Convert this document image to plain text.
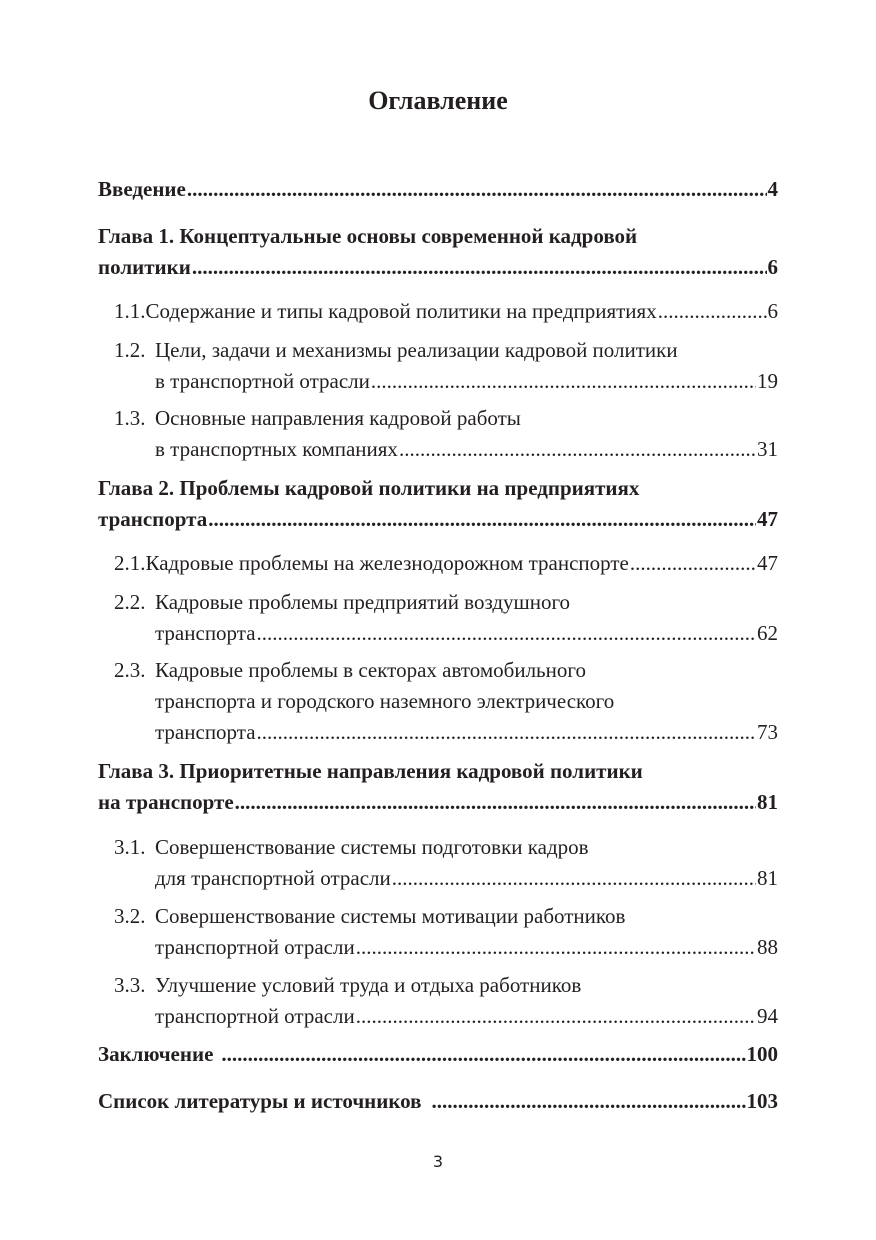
Оглавление
Введение .....	4
Глава 1. Концептуальные основы современной кадровой
политики .....	6
1.1. Содержание и типы кадровой политики на предприятиях .....	6
1.2. Цели, задачи и механизмы реализации кадровой политики
в транспортной отрасли .....	19
1.3. Основные направления кадровой работы
в транспортных компаниях .....	31
Глава 2. Проблемы кадровой политики на предприятиях
транспорта .....	47
2.1. Кадровые проблемы на железнодорожном транспорте .....	47
2.2. Кадровые проблемы предприятий воздушного
транспорта .....	62
2.3. Кадровые проблемы в секторах автомобильного
транспорта и городского наземного электрического
транспорта .....	73
Глава 3. Приоритетные направления кадровой политики
на транспорте .....	81
3.1. Совершенствование системы подготовки кадров
для транспортной отрасли .....	81
3.2. Совершенствование системы мотивации работников
транспортной отрасли .....	88
3.3. Улучшение условий труда и отдыха работников
транспортной отрасли .....	94
Заключение .....	100
Список литературы и источников .....	103
3
